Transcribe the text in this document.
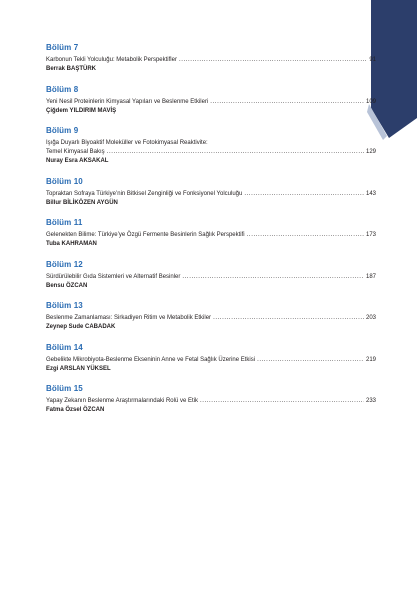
Bölüm 7
Karbonun Tekli Yolculuğu: Metabolik Perspektifler .....	91
Berrak BAŞTÜRK
Bölüm 8
Yeni Nesil Proteinlerin Kimyasal Yapıları ve Beslenme Etkileri .....	109
Çiğdem YILDIRIM MAVİŞ
Bölüm 9
Işığa Duyarlı Biyoaktif Moleküller ve Fotokimyasal Reaktivite:
Temel Kimyasal Bakış .....	129
Nuray Esra AKSAKAL
Bölüm 10
Topraktan Sofraya Türkiye’nin Bitkisel Zenginliği ve Fonksiyonel Yolculuğu .....	143
Billur BİLİKÖZEN AYGÜN
Bölüm 11
Gelenekten Bilime: Türkiye’ye Özgü Fermente Besinlerin Sağlık Perspektifi .....	173
Tuba KAHRAMAN
Bölüm 12
Sürdürülebilir Gıda Sistemleri ve Alternatif Besinler .....	187
Bensu ÖZCAN
Bölüm 13
Beslenme Zamanlaması: Sirkadiyen Ritim ve Metabolik Etkiler .....	203
Zeynep Sude CABADAK
Bölüm 14
Gebelikte Mikrobiyota-Beslenme Ekseninin Anne ve Fetal Sağlık Üzerine Etkisi .....	219
Ezgi ARSLAN YÜKSEL
Bölüm 15
Yapay Zekanın Beslenme Araştırmalarındaki Rolü ve Etik .....	233
Fatma Özsel ÖZCAN
